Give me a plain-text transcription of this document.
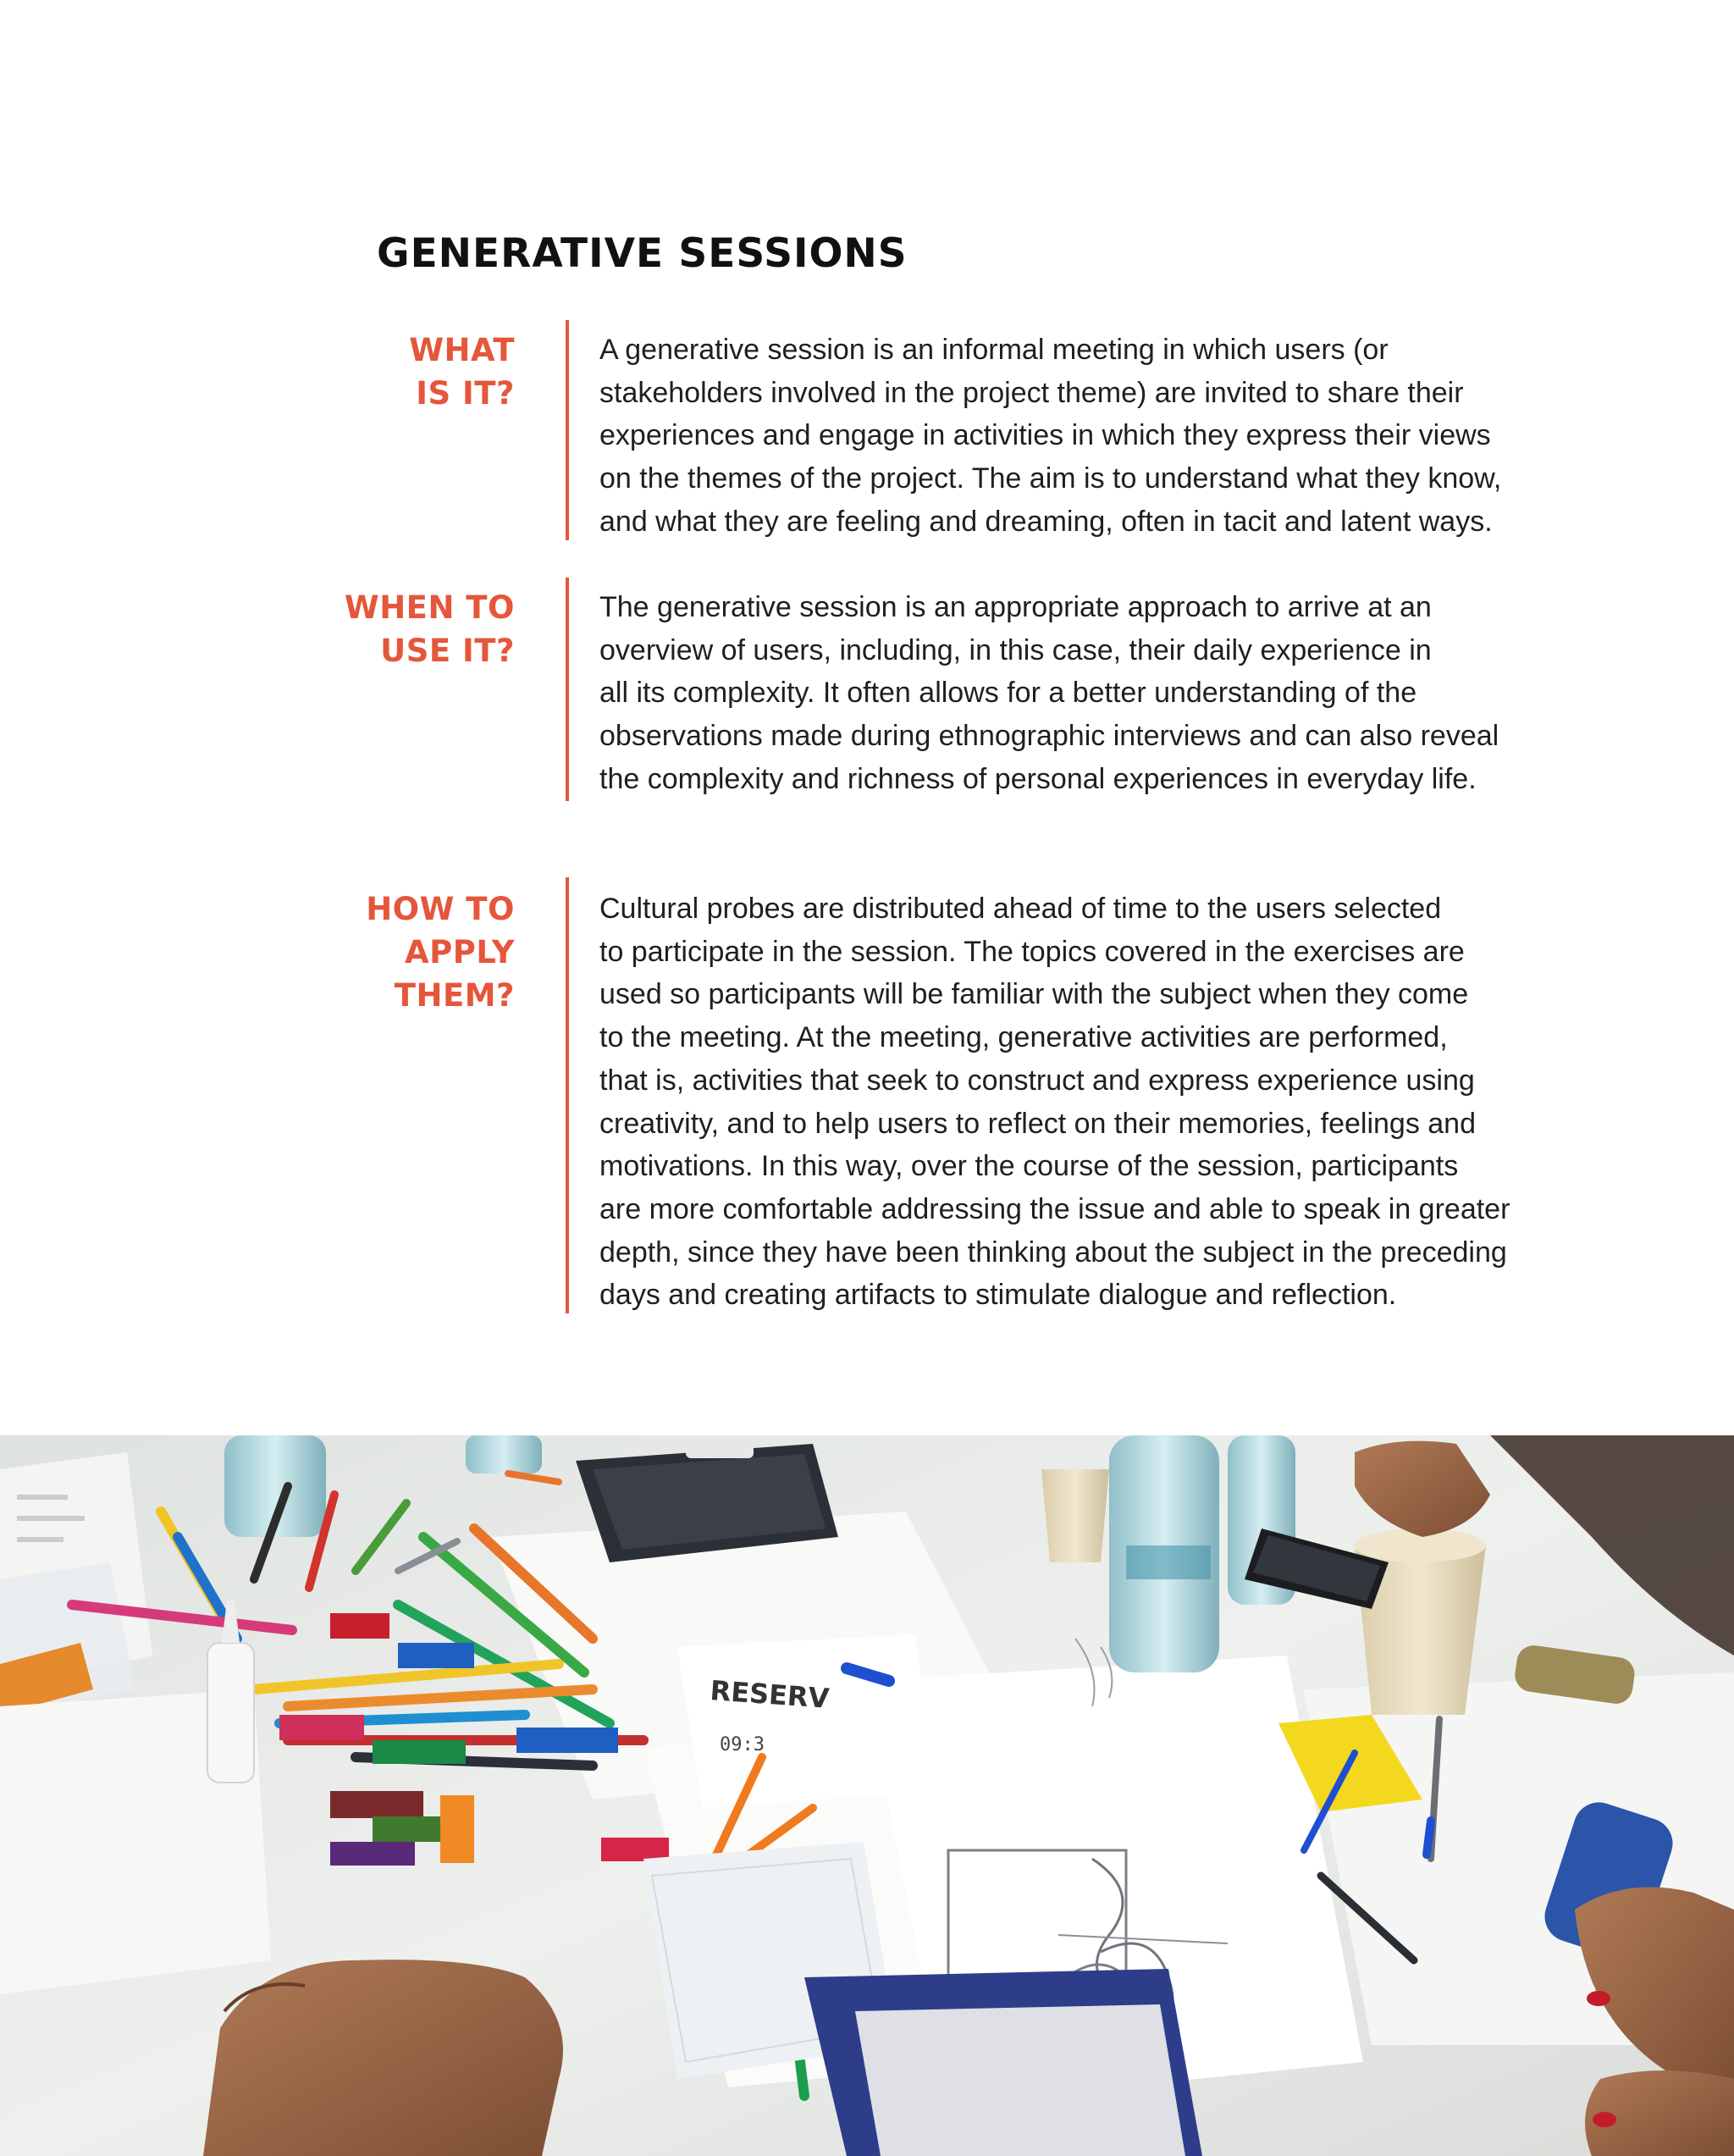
GENERATIVE SESSIONS
WHAT
IS IT?
A generative session is an informal meeting in which users (or
stakeholders involved in the project theme) are invited to share their
experiences and engage in activities in which they express their views
on the themes of the project. The aim is to understand what they know,
and what they are feeling and dreaming, often in tacit and latent ways.
WHEN TO
USE IT?
The generative session is an appropriate approach to arrive at an
overview of users, including, in this case, their daily experience in
all its complexity. It often allows for a better understanding of the
observations made during ethnographic interviews and can also reveal
the complexity and richness of personal experiences in everyday life.
HOW TO
APPLY
THEM?
Cultural probes are distributed ahead of time to the users selected
to participate in the session. The topics covered in the exercises are
used so participants will be familiar with the subject when they come
to the meeting. At the meeting, generative activities are performed,
that is, activities that seek to construct and express experience using
creativity, and to help users to reflect on their memories, feelings and
motivations. In this way, over the course of the session, participants
are more comfortable addressing the issue and able to speak in greater
depth, since they have been thinking about the subject in the preceding
days and creating artifacts to stimulate dialogue and reflection.
RESERV
09:3
